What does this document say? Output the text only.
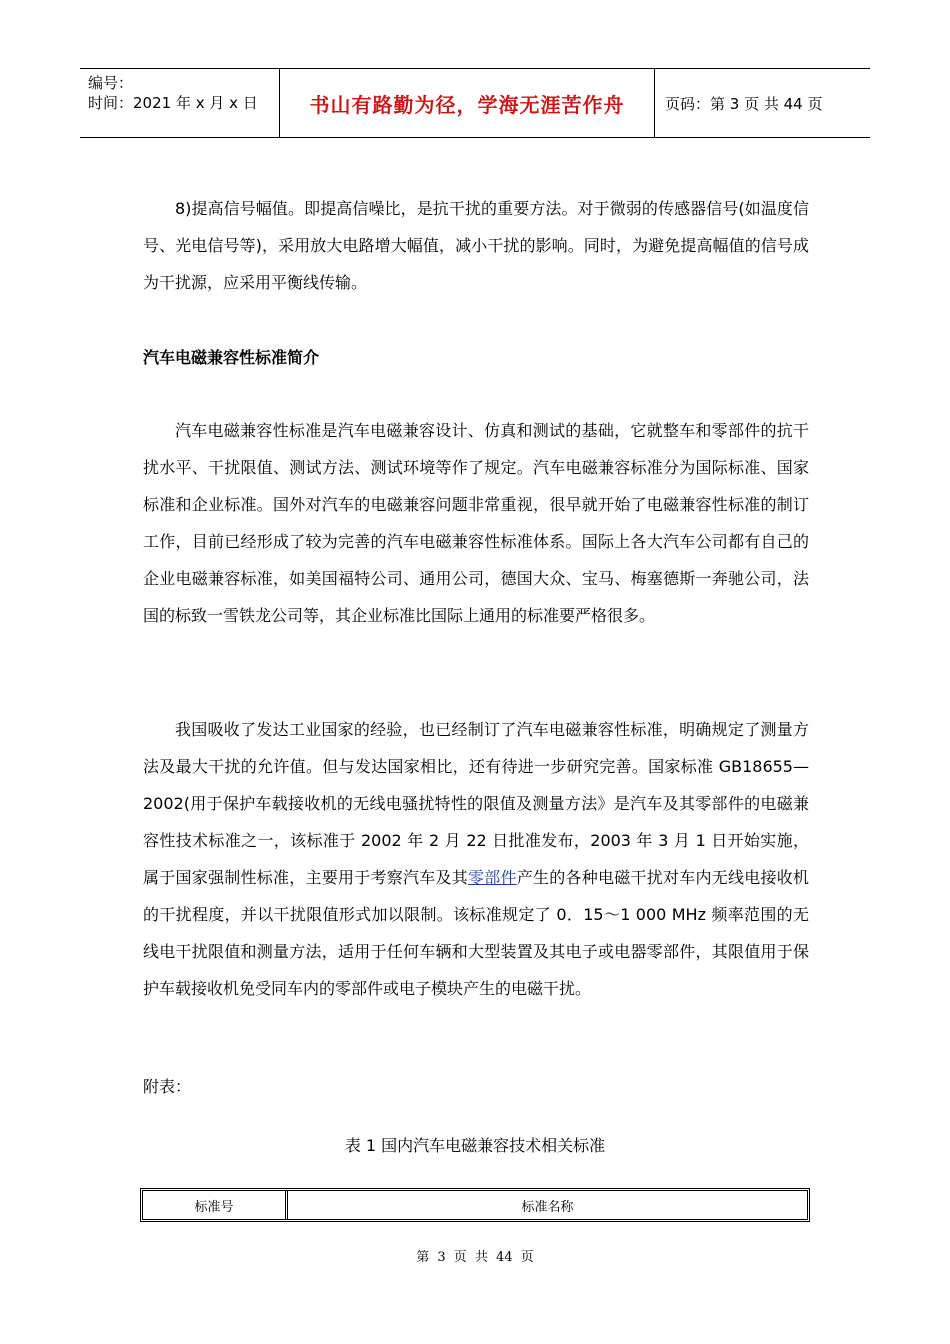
编号：
时间：2021 年 x 月 x 日	书山有路勤为径，学海无涯苦作舟	页码：第 3 页 共 44 页

8)提高信号幅值。即提高信噪比，是抗干扰的重要方法。对于微弱的传感器信号(如温度信号、光电信号等)，采用放大电路增大幅值，减小干扰的影响。同时，为避免提高幅值的信号成为干扰源，应采用平衡线传输。

汽车电磁兼容性标准简介

汽车电磁兼容性标准是汽车电磁兼容设计、仿真和测试的基础，它就整车和零部件的抗干扰水平、干扰限值、测试方法、测试环境等作了规定。汽车电磁兼容标准分为国际标准、国家标准和企业标准。国外对汽车的电磁兼容问题非常重视，很早就开始了电磁兼容性标准的制订工作，目前已经形成了较为完善的汽车电磁兼容性标准体系。国际上各大汽车公司都有自己的企业电磁兼容标准，如美国福特公司、通用公司，德国大众、宝马、梅塞德斯一奔驰公司，法国的标致一雪铁龙公司等，其企业标准比国际上通用的标准要严格很多。

我国吸收了发达工业国家的经验，也已经制订了汽车电磁兼容性标准，明确规定了测量方法及最大干扰的允许值。但与发达国家相比，还有待进一步研究完善。国家标准 GB18655—2002(用于保护车载接收机的无线电骚扰特性的限值及测量方法》是汽车及其零部件的电磁兼容性技术标准之一，该标准于 2002 年 2 月 22 日批准发布，2003 年 3 月 1 日开始实施，属于国家强制性标准，主要用于考察汽车及其零部件产生的各种电磁干扰对车内无线电接收机的干扰程度，并以干扰限值形式加以限制。该标准规定了 0．15～1 000 MHz 频率范围的无线电干扰限值和测量方法，适用于任何车辆和大型装置及其电子或电器零部件，其限值用于保护车载接收机免受同车内的零部件或电子模块产生的电磁干扰。

附表：
表 1 国内汽车电磁兼容技术相关标准
标准号	标准名称
第 3 页 共 44 页
